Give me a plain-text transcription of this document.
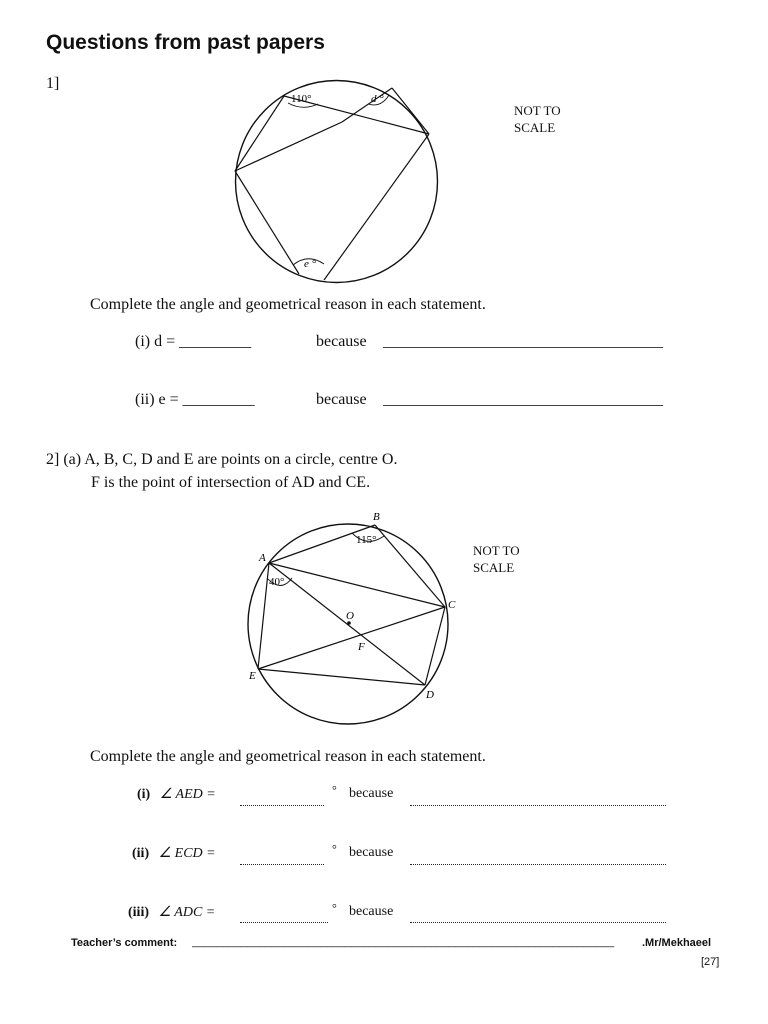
Questions from past papers
1]
110°	d °
e °
NOT TO
SCALE
Complete the angle and geometrical reason in each statement.
(i) d = _________	because ___________________________________
(ii) e = _________	because ___________________________________
2] (a) A, B, C, D and E are points on a circle, centre O.
F is the point of intersection of AD and CE.
115°
40°
B
A
C
D
E
O
F
NOT TO
SCALE
Complete the angle and geometrical reason in each statement.
(i) ∠ AED =	° because
(ii) ∠ ECD =	° because
(iii) ∠ ADC =	° because
Teacher’s comment: _____________________________________________________________________	.Mr/Mekhaeel
[27]
